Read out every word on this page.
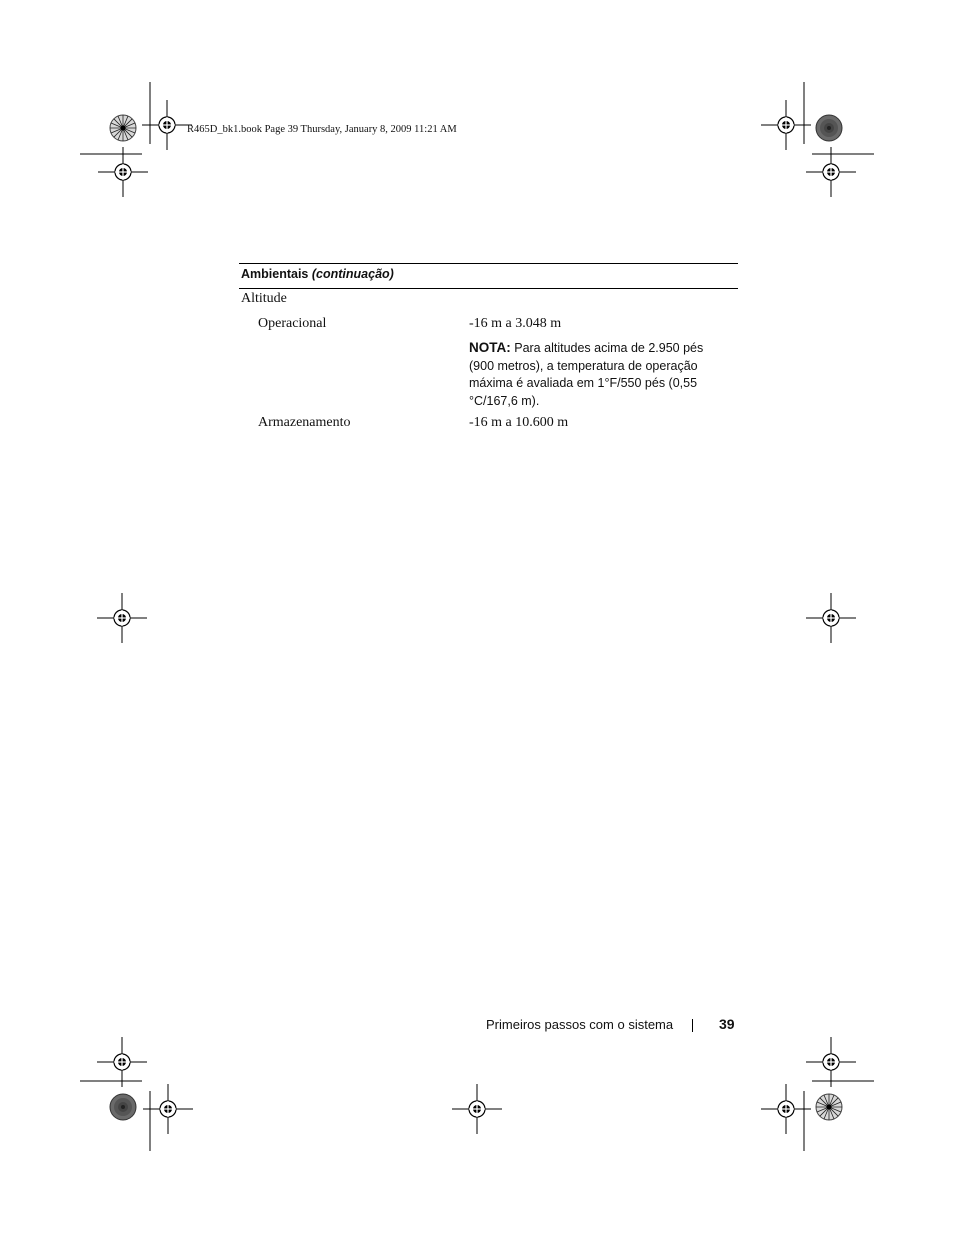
R465D_bk1.book Page 39 Thursday, January 8, 2009 11:21 AM
Ambientais (continuação)
Altitude
Operacional	-16 m a 3.048 m
NOTA: Para altitudes acima de 2.950 pés (900 metros), a temperatura de operação máxima é avaliada em 1°F/550 pés (0,55 °C/167,6 m).
Armazenamento	-16 m a 10.600 m
Primeiros passos com o sistema	39
